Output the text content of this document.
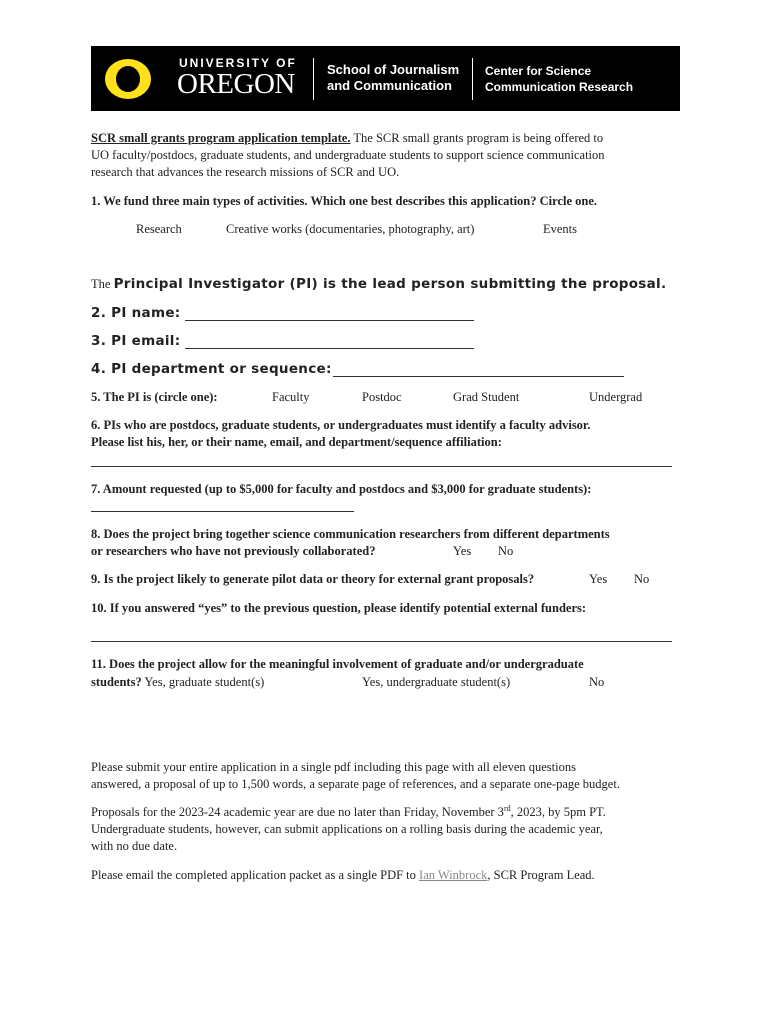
UNIVERSITY OF
OREGON School of Journalism
and Communication
Center for Science
Communication Research
SCR small grants program application template. The SCR small grants program is being offered to
UO faculty/postdocs, graduate students, and undergraduate students to support science communication
research that advances the research missions of SCR and UO.
1. We fund three main types of activities. Which one best describes this application? Circle one.
Research	Creative works (documentaries, photography, art)	Events
The Principal Investigator (PI) is the lead person submitting the proposal.
2. PI name:
3. PI email:
4. PI department or sequence:
5. The PI is (circle one):	Faculty	Postdoc	Grad Student	Undergrad
6. PIs who are postdocs, graduate students, or undergraduates must identify a faculty advisor.
Please list his, her, or their name, email, and department/sequence affiliation:
7. Amount requested (up to $5,000 for faculty and postdocs and $3,000 for graduate students):
8. Does the project bring together science communication researchers from different departments
or researchers who have not previously collaborated?	Yes No
9. Is the project likely to generate pilot data or theory for external grant proposals?	Yes No
10. If you answered “yes” to the previous question, please identify potential external funders:
11. Does the project allow for the meaningful involvement of graduate and/or undergraduate
students? Yes, graduate student(s)	Yes, undergraduate student(s)	No
Please submit your entire application in a single pdf including this page with all eleven questions
answered, a proposal of up to 1,500 words, a separate page of references, and a separate one-page budget.
Proposals for the 2023-24 academic year are due no later than Friday, November 3rd, 2023, by 5pm PT.
Undergraduate students, however, can submit applications on a rolling basis during the academic year,
with no due date.
Please email the completed application packet as a single PDF to Ian Winbrock, SCR Program Lead.
